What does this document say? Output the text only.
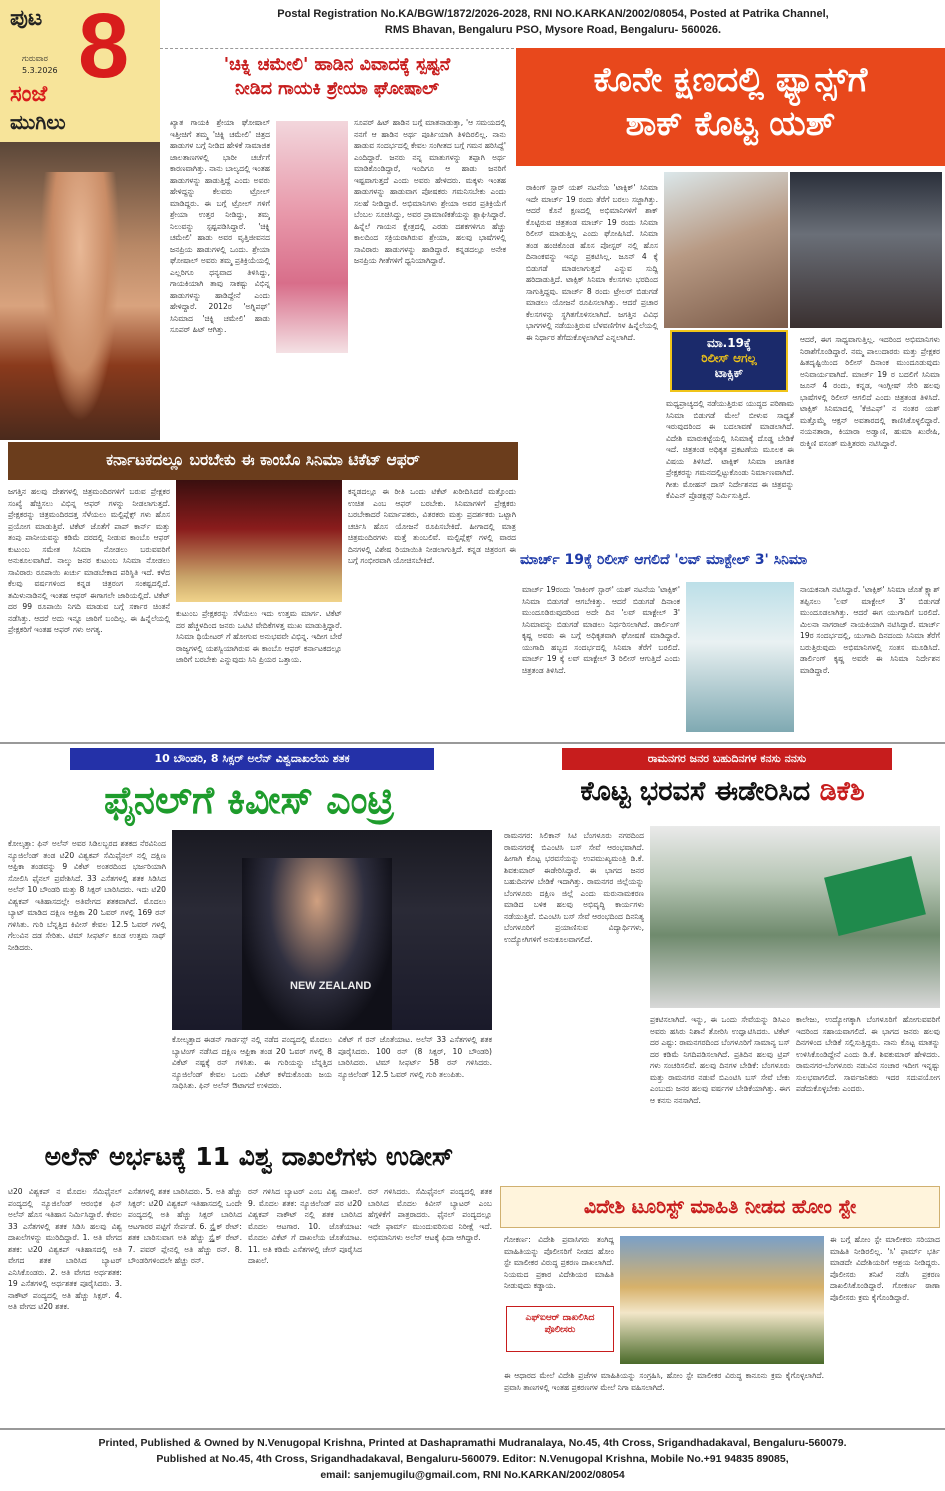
ಪುಟ
ಗುರುವಾರ
5.3.2026 8
ಸಂಜೆ
ಮುಗಿಲು
Postal Registration No.KA/BGW/1872/2026-2028, RNI NO.KARKAN/2002/08054, Posted at Patrika Channel,
RMS Bhavan, Bengaluru PSO, Mysore Road, Bengaluru- 560026.
'ಚಿಕ್ನಿ ಚಮೇಲಿ' ಹಾಡಿನ ವಿವಾದಕ್ಕೆ ಸ್ಪಷ್ಟನೆ
ನೀಡಿದ ಗಾಯಕಿ ಶ್ರೇಯಾ ಘೋಷಾಲ್
ಖ್ಯಾತ ಗಾಯಕಿ ಶ್ರೇಯಾ ಘೋಷಾಲ್ ಇತ್ತೀಚಿಗೆ ತಮ್ಮ 'ಚಿಕ್ನಿ ಚಮೇಲಿ' ಚಿತ್ರದ ಹಾಡುಗಳ ಬಗ್ಗೆ ನೀಡಿದ ಹೇಳಿಕೆ ಸಾಮಾಜಿಕ ಜಾಲತಾಣಗಳಲ್ಲಿ ಭಾರೀ ಚರ್ಚೆಗೆ ಕಾರಣವಾಗಿತ್ತು. ನಾನು ಬಾಲ್ಯದಲ್ಲಿ ಇಂತಹ ಹಾಡುಗಳನ್ನು ಹಾಡುತ್ತಿದ್ದೆ ಎಂದು ಅವರು ಹೇಳಿದ್ದನ್ನು ಕೆಲವರು ಟ್ರೋಲ್ ಮಾಡಿದ್ದರು. ಈ ಬಗ್ಗೆ ಟ್ರೋಲ್ ಗಳಿಗೆ ಶ್ರೇಯಾ ಉತ್ತರ ನೀಡಿದ್ದು, ತಮ್ಮ ನಿಲುವನ್ನು ಸ್ಪಷ್ಟಪಡಿಸಿದ್ದಾರೆ. 'ಚಿಕ್ನಿ ಚಮೇಲಿ' ಹಾಡು ಅವರ ವೃತ್ತಿಜೀವನದ ಜನಪ್ರಿಯ ಹಾಡುಗಳಲ್ಲಿ ಒಂದು. ಶ್ರೇಯಾ ಘೋಷಾಲ್ ಅವರು ತಮ್ಮ ಪ್ರತಿಕ್ರಿಯೆಯಲ್ಲಿ ಎಲ್ಲರಿಗೂ ಧನ್ಯವಾದ ತಿಳಿಸಿದ್ದು, ಗಾಯಕಿಯಾಗಿ ತಾವು ಸಾಕಷ್ಟು ವಿಭಿನ್ನ ಹಾಡುಗಳನ್ನು ಹಾಡಿದ್ದೇನೆ ಎಂದು ಹೇಳಿದ್ದಾರೆ. 2012ರ 'ಅಗ್ನಿಪಥ್' ಸಿನಿಮಾದ 'ಚಿಕ್ನಿ ಚಮೇಲಿ' ಹಾಡು ಸೂಪರ್ ಹಿಟ್ ಆಗಿತ್ತು.
ಸೂಪರ್ ಹಿಟ್ ಹಾಡಿನ ಬಗ್ಗೆ ಮಾತನಾಡುತ್ತಾ, 'ಆ ಸಮಯದಲ್ಲಿ ನನಗೆ ಆ ಹಾಡಿನ ಅರ್ಥ ಪೂರ್ತಿಯಾಗಿ ತಿಳಿದಿರಲಿಲ್ಲ. ನಾನು ಹಾಡುವ ಸಂದರ್ಭದಲ್ಲಿ ಕೇವಲ ಸಂಗೀತದ ಬಗ್ಗೆ ಗಮನ ಹರಿಸಿದ್ದೆ' ಎಂದಿದ್ದಾರೆ. ಜನರು ನನ್ನ ಮಾತುಗಳನ್ನು ತಪ್ಪಾಗಿ ಅರ್ಥ ಮಾಡಿಕೊಂಡಿದ್ದಾರೆ, ಇಂದಿಗೂ ಆ ಹಾಡು ಜನರಿಗೆ ಇಷ್ಟವಾಗುತ್ತದೆ ಎಂದು ಅವರು ಹೇಳಿದರು. ಮಕ್ಕಳು ಇಂತಹ ಹಾಡುಗಳನ್ನು ಹಾಡುವಾಗ ಪೋಷಕರು ಗಮನಿಸಬೇಕು ಎಂದು ಸಲಹೆ ನೀಡಿದ್ದಾರೆ. ಅಭಿಮಾನಿಗಳು ಶ್ರೇಯಾ ಅವರ ಪ್ರತಿಕ್ರಿಯೆಗೆ ಬೆಂಬಲ ಸೂಚಿಸಿದ್ದು, ಅವರ ಪ್ರಾಮಾಣಿಕತೆಯನ್ನು ಶ್ಲಾಘಿಸಿದ್ದಾರೆ. ಹಿನ್ನೆಲೆ ಗಾಯನ ಕ್ಷೇತ್ರದಲ್ಲಿ ಎರಡು ದಶಕಗಳಿಗೂ ಹೆಚ್ಚು ಕಾಲದಿಂದ ಸಕ್ರಿಯರಾಗಿರುವ ಶ್ರೇಯಾ, ಹಲವು ಭಾಷೆಗಳಲ್ಲಿ ಸಾವಿರಾರು ಹಾಡುಗಳನ್ನು ಹಾಡಿದ್ದಾರೆ. ಕನ್ನಡದಲ್ಲೂ ಅನೇಕ ಜನಪ್ರಿಯ ಗೀತೆಗಳಿಗೆ ಧ್ವನಿಯಾಗಿದ್ದಾರೆ.
ಕೊನೇ ಕ್ಷಣದಲ್ಲಿ ಫ್ಯಾನ್ಸ್‌ಗೆ
ಶಾಕ್ ಕೊಟ್ಟ ಯಶ್
ರಾಕಿಂಗ್ ಸ್ಟಾರ್ ಯಶ್ ನಟನೆಯ 'ಟಾಕ್ಸಿಕ್' ಸಿನಿಮಾ ಇದೇ ಮಾರ್ಚ್ 19 ರಂದು ತೆರೆಗೆ ಬರಲು ಸಜ್ಜಾಗಿತ್ತು. ಆದರೆ ಕೊನೆ ಕ್ಷಣದಲ್ಲಿ ಅಭಿಮಾನಿಗಳಿಗೆ ಶಾಕ್ ಕೊಟ್ಟಿರುವ ಚಿತ್ರತಂಡ ಮಾರ್ಚ್ 19 ರಂದು ಸಿನಿಮಾ ರಿಲೀಸ್ ಮಾಡುತ್ತಿಲ್ಲ ಎಂದು ಘೋಷಿಸಿದೆ. ಸಿನಿಮಾ ತಂಡ ಹಂಚಿಕೊಂಡ ಹೊಸ ಪೋಸ್ಟರ್ ನಲ್ಲಿ ಹೊಸ ದಿನಾಂಕವನ್ನು ಇನ್ನೂ ಪ್ರಕಟಿಸಿಲ್ಲ. ಜೂನ್ 4 ಕ್ಕೆ ಬಿಡುಗಡೆ ಮಾಡಲಾಗುತ್ತದೆ ಎನ್ನುವ ಸುದ್ದಿ ಹರಿದಾಡುತ್ತಿದೆ. ಟಾಕ್ಸಿಕ್ ಸಿನಿಮಾ ಕೆಲಸಗಳು ಭರದಿಂದ ಸಾಗುತ್ತಿದ್ದವು. ಮಾರ್ಚ್ 8 ರಂದು ಟ್ರೇಲರ್ ಬಿಡುಗಡೆ ಮಾಡಲು ಯೋಜನೆ ರೂಪಿಸಲಾಗಿತ್ತು. ಆದರೆ ಪ್ರಚಾರ ಕೆಲಸಗಳನ್ನು ಸ್ಥಗಿತಗೊಳಿಸಲಾಗಿದೆ. ಜಗತ್ತಿನ ವಿವಿಧ ಭಾಗಗಳಲ್ಲಿ ನಡೆಯುತ್ತಿರುವ ಬೆಳವಣಿಗೆಗಳ ಹಿನ್ನೆಲೆಯಲ್ಲಿ ಈ ನಿರ್ಧಾರ ತೆಗೆದುಕೊಳ್ಳಲಾಗಿದೆ ಎನ್ನಲಾಗಿದೆ.	ಮಾ.19ಕ್ಕೆ
ರಿಲೀಸ್ ಆಗಲ್ಲ
ಟಾಕ್ಸಿಕ್
ಮಧ್ಯಪ್ರಾಚ್ಯದಲ್ಲಿ ನಡೆಯುತ್ತಿರುವ ಯುದ್ಧದ ಪರಿಣಾಮ ಸಿನಿಮಾ ಬಿಡುಗಡೆ ಮೇಲೆ ಬೀಳುವ ಸಾಧ್ಯತೆ ಇರುವುದರಿಂದ ಈ ಬದಲಾವಣೆ ಮಾಡಲಾಗಿದೆ. ವಿದೇಶಿ ಮಾರುಕಟ್ಟೆಯಲ್ಲಿ ಸಿನಿಮಾಕ್ಕೆ ದೊಡ್ಡ ಬೇಡಿಕೆ ಇದೆ. ಚಿತ್ರತಂಡ ಅಧಿಕೃತ ಪ್ರಕಟಣೆಯ ಮೂಲಕ ಈ ವಿಷಯ ತಿಳಿಸಿದೆ. ಟಾಕ್ಸಿಕ್ ಸಿನಿಮಾ ಜಾಗತಿಕ ಪ್ರೇಕ್ಷಕರನ್ನು ಗಮನದಲ್ಲಿಟ್ಟುಕೊಂಡು ನಿರ್ಮಾಣವಾಗಿದೆ. ಗೀತು ಮೋಹನ್ ದಾಸ್ ನಿರ್ದೇಶನದ ಈ ಚಿತ್ರವನ್ನು ಕೆವಿಎನ್ ಪ್ರೊಡಕ್ಷನ್ಸ್ ನಿರ್ಮಿಸುತ್ತಿದೆ.
ಆದರೆ, ಈಗ ಸಾಧ್ಯವಾಗುತ್ತಿಲ್ಲ. ಇದರಿಂದ ಅಭಿಮಾನಿಗಳು ನಿರಾಶೆಗೊಂಡಿದ್ದಾರೆ. ನಮ್ಮ ಪಾಲುದಾರರು ಮತ್ತು ಪ್ರೇಕ್ಷಕರ ಹಿತದೃಷ್ಟಿಯಿಂದ ರಿಲೀಸ್ ದಿನಾಂಕ ಮುಂದೂಡುವುದು ಅನಿವಾರ್ಯವಾಗಿದೆ. ಮಾರ್ಚ್ 19 ರ ಬದಲಿಗೆ ಸಿನಿಮಾ ಜೂನ್ 4 ರಂದು, ಕನ್ನಡ, ಇಂಗ್ಲೀಷ್ ಸೇರಿ ಹಲವು ಭಾಷೆಗಳಲ್ಲಿ ರಿಲೀಸ್ ಆಗಲಿದೆ ಎಂದು ಚಿತ್ರತಂಡ ತಿಳಿಸಿದೆ. ಟಾಕ್ಸಿಕ್ ಸಿನಿಮಾದಲ್ಲಿ 'ಕೆಜಿಎಫ್' ನ ನಂತರ ಯಶ್ ಮತ್ತೊಮ್ಮೆ ಆಕ್ಷನ್ ಅವತಾರದಲ್ಲಿ ಕಾಣಿಸಿಕೊಳ್ಳಲಿದ್ದಾರೆ. ನಯನತಾರಾ, ಕಿಯಾರಾ ಅಡ್ವಾಣಿ, ಹುಮಾ ಖುರೇಷಿ, ರುಕ್ಮಿಣಿ ವಸಂತ್ ಮತ್ತಿತರರು ನಟಿಸಿದ್ದಾರೆ.
ಕರ್ನಾಟಕದಲ್ಲೂ ಬರಬೇಕು ಈ ಕಾಂಬೊ ಸಿನಿಮಾ ಟಿಕೆಟ್ ಆಫರ್
ಜಗತ್ತಿನ ಹಲವು ದೇಶಗಳಲ್ಲಿ ಚಿತ್ರಮಂದಿರಗಳಿಗೆ ಬರುವ ಪ್ರೇಕ್ಷಕರ ಸಂಖ್ಯೆ ಹೆಚ್ಚಿಸಲು ವಿಭಿನ್ನ ಆಫರ್ ಗಳನ್ನು ನೀಡಲಾಗುತ್ತದೆ. ಪ್ರೇಕ್ಷಕರನ್ನು ಚಿತ್ರಮಂದಿರದತ್ತ ಸೆಳೆಯಲು ಮಲ್ಟಿಪ್ಲೆಕ್ಸ್ ಗಳು ಹೊಸ ಪ್ರಯೋಗ ಮಾಡುತ್ತಿವೆ. ಟಿಕೆಟ್ ಜೊತೆಗೆ ಪಾಪ್ ಕಾರ್ನ್ ಮತ್ತು ತಂಪು ಪಾನೀಯವನ್ನು ಕಡಿಮೆ ದರದಲ್ಲಿ ನೀಡುವ ಕಾಂಬೊ ಆಫರ್ ಕುಟುಂಬ ಸಮೇತ ಸಿನಿಮಾ ನೋಡಲು ಬರುವವರಿಗೆ ಅನುಕೂಲವಾಗಿದೆ. ನಾಲ್ಕು ಜನರ ಕುಟುಂಬ ಸಿನಿಮಾ ನೋಡಲು ಸಾವಿರಾರು ರೂಪಾಯಿ ಖರ್ಚು ಮಾಡಬೇಕಾದ ಪರಿಸ್ಥಿತಿ ಇದೆ. ಕಳೆದ ಕೆಲವು ವರ್ಷಗಳಿಂದ ಕನ್ನಡ ಚಿತ್ರರಂಗ ಸಂಕಷ್ಟದಲ್ಲಿದೆ. ತಮಿಳುನಾಡಿನಲ್ಲಿ ಇಂತಹ ಆಫರ್ ಈಗಾಗಲೇ ಜಾರಿಯಲ್ಲಿದೆ. ಟಿಕೆಟ್ ದರ 99 ರೂಪಾಯಿ ನಿಗದಿ ಮಾಡುವ ಬಗ್ಗೆ ಸರ್ಕಾರ ಚಿಂತನೆ ನಡೆಸಿತ್ತು. ಆದರೆ ಅದು ಇನ್ನೂ ಜಾರಿಗೆ ಬಂದಿಲ್ಲ. ಈ ಹಿನ್ನೆಲೆಯಲ್ಲಿ ಪ್ರೇಕ್ಷಕರಿಗೆ ಇಂತಹ ಆಫರ್ ಗಳು ಅಗತ್ಯ.
ಕುಟುಂಬ ಪ್ರೇಕ್ಷಕರನ್ನು ಸೆಳೆಯಲು ಇದು ಉತ್ತಮ ಮಾರ್ಗ. ಟಿಕೆಟ್ ದರ ಹೆಚ್ಚಳದಿಂದ ಜನರು ಒಟಿಟಿ ವೇದಿಕೆಗಳತ್ತ ಮುಖ ಮಾಡುತ್ತಿದ್ದಾರೆ. ಸಿನಿಮಾ ಥಿಯೇಟರ್ ಗೆ ಹೋಗುವ ಅನುಭವವೇ ವಿಭಿನ್ನ. ಇದೀಗ ಬೇರೆ ರಾಜ್ಯಗಳಲ್ಲಿ ಯಶಸ್ವಿಯಾಗಿರುವ ಈ ಕಾಂಬೊ ಆಫರ್ ಕರ್ನಾಟಕದಲ್ಲೂ ಜಾರಿಗೆ ಬರಬೇಕು ಎನ್ನುವುದು ಸಿನಿ ಪ್ರಿಯರ ಒತ್ತಾಯ.
ಕನ್ನಡದಲ್ಲೂ ಈ ರೀತಿ ಒಂದು ಟಿಕೆಟ್ ಖರೀದಿಸಿದರೆ ಮತ್ತೊಂದು ಉಚಿತ ಎಂಬ ಆಫರ್ ಬರಬೇಕು. ಸಿನಿಮಾಗಳಿಗೆ ಪ್ರೇಕ್ಷಕರು ಬರಬೇಕಾದರೆ ನಿರ್ಮಾಪಕರು, ವಿತರಕರು ಮತ್ತು ಪ್ರದರ್ಶಕರು ಒಟ್ಟಾಗಿ ಚರ್ಚಿಸಿ ಹೊಸ ಯೋಜನೆ ರೂಪಿಸಬೇಕಿದೆ. ಹೀಗಾದಲ್ಲಿ ಮಾತ್ರ ಚಿತ್ರಮಂದಿರಗಳು ಮತ್ತೆ ತುಂಬಲಿವೆ. ಮಲ್ಟಿಪ್ಲೆಕ್ಸ್ ಗಳಲ್ಲಿ ವಾರದ ದಿನಗಳಲ್ಲಿ ವಿಶೇಷ ರಿಯಾಯಿತಿ ನೀಡಲಾಗುತ್ತಿದೆ. ಕನ್ನಡ ಚಿತ್ರರಂಗ ಈ ಬಗ್ಗೆ ಗಂಭೀರವಾಗಿ ಯೋಚಿಸಬೇಕಿದೆ.	ಮಾರ್ಚ್ 19ಕ್ಕೆ ರಿಲೀಸ್ ಆಗಲಿದೆ 'ಲವ್ ಮಾಕ್ಟೇಲ್ 3' ಸಿನಿಮಾ
ಮಾರ್ಚ್ 19ರಂದು 'ರಾಕಿಂಗ್ ಸ್ಟಾರ್' ಯಶ್ ನಟನೆಯ 'ಟಾಕ್ಸಿಕ್' ಸಿನಿಮಾ ಬಿಡುಗಡೆ ಆಗಬೇಕಿತ್ತು. ಆದರೆ ಬಿಡುಗಡೆ ದಿನಾಂಕ ಮುಂದೂಡಿರುವುದರಿಂದ ಅದೇ ದಿನ 'ಲವ್ ಮಾಕ್ಟೇಲ್ 3' ಸಿನಿಮಾವನ್ನು ಬಿಡುಗಡೆ ಮಾಡಲು ನಿರ್ಧರಿಸಲಾಗಿದೆ. ಡಾರ್ಲಿಂಗ್ ಕೃಷ್ಣ ಅವರು ಈ ಬಗ್ಗೆ ಅಧಿಕೃತವಾಗಿ ಘೋಷಣೆ ಮಾಡಿದ್ದಾರೆ. ಯುಗಾದಿ ಹಬ್ಬದ ಸಂದರ್ಭದಲ್ಲಿ ಸಿನಿಮಾ ತೆರೆಗೆ ಬರಲಿದೆ. ಮಾರ್ಚ್ 19 ಕ್ಕೆ ಲವ್ ಮಾಕ್ಟೇಲ್ 3 ರಿಲೀಸ್ ಆಗುತ್ತಿದೆ ಎಂದು ಚಿತ್ರತಂಡ ತಿಳಿಸಿದೆ.
ನಾಯಕನಾಗಿ ನಟಿಸಿದ್ದಾರೆ. 'ಟಾಕ್ಸಿಕ್' ಸಿನಿಮಾ ಜೊತೆ ಕ್ಲ್ಯಾಶ್ ತಪ್ಪಿಸಲು 'ಲವ್ ಮಾಕ್ಟೇಲ್ 3' ಬಿಡುಗಡೆ ಮುಂದೂಡಲಾಗಿತ್ತು. ಆದರೆ ಈಗ ಯುಗಾದಿಗೆ ಬರಲಿದೆ. ಮಿಲನಾ ನಾಗರಾಜ್ ನಾಯಕಿಯಾಗಿ ನಟಿಸಿದ್ದಾರೆ. ಮಾರ್ಚ್ 19ರ ಸಂದರ್ಭದಲ್ಲಿ, ಯುಗಾದಿ ದಿನದಂದು ಸಿನಿಮಾ ತೆರೆಗೆ ಬರುತ್ತಿರುವುದು ಅಭಿಮಾನಿಗಳಲ್ಲಿ ಸಂತಸ ಮೂಡಿಸಿದೆ. ಡಾರ್ಲಿಂಗ್ ಕೃಷ್ಣ ಅವರೇ ಈ ಸಿನಿಮಾ ನಿರ್ದೇಶನ ಮಾಡಿದ್ದಾರೆ.
10 ಬೌಂಡರಿ, 8 ಸಿಕ್ಸರ್ ಅಲೆನ್ ವಿಶ್ವದಾಖಲೆಯ ಶತಕ
ಫೈನಲ್‌ಗೆ ಕಿವೀಸ್ ಎಂಟ್ರಿ
ಕೋಲ್ಕತ್ತಾ: ಫಿನ್ ಅಲೆನ್ ಅವರ ಸಿಡಿಲಬ್ಬರದ ಶತಕದ ನೆರವಿನಿಂದ ನ್ಯೂಜಿಲೆಂಡ್ ತಂಡ ಟಿ20 ವಿಶ್ವಕಪ್ ಸೆಮಿಫೈನಲ್ ನಲ್ಲಿ ದಕ್ಷಿಣ ಆಫ್ರಿಕಾ ತಂಡವನ್ನು 9 ವಿಕೆಟ್ ಅಂತರದಿಂದ ಭರ್ಜರಿಯಾಗಿ ಸೋಲಿಸಿ ಫೈನಲ್ ಪ್ರವೇಶಿಸಿದೆ. 33 ಎಸೆತಗಳಲ್ಲಿ ಶತಕ ಸಿಡಿಸಿದ ಅಲೆನ್ 10 ಬೌಂಡರಿ ಮತ್ತು 8 ಸಿಕ್ಸರ್ ಬಾರಿಸಿದರು. ಇದು ಟಿ20 ವಿಶ್ವಕಪ್ ಇತಿಹಾಸದಲ್ಲೇ ಅತಿವೇಗದ ಶತಕವಾಗಿದೆ. ಮೊದಲು ಬ್ಯಾಟ್ ಮಾಡಿದ ದಕ್ಷಿಣ ಆಫ್ರಿಕಾ 20 ಓವರ್ ಗಳಲ್ಲಿ 169 ರನ್ ಗಳಿಸಿತು. ಗುರಿ ಬೆನ್ನತ್ತಿದ ಕಿವೀಸ್ ಕೇವಲ 12.5 ಓವರ್ ಗಳಲ್ಲಿ ಗೆಲುವಿನ ದಡ ಸೇರಿತು. ಟಿಮ್ ಸೀಫರ್ಟ್ ಕೂಡ ಉತ್ತಮ ಸಾಥ್ ನೀಡಿದರು.
NEW ZEALAND
ಕೋಲ್ಕತ್ತಾದ ಈಡನ್ ಗಾರ್ಡನ್ಸ್ ನಲ್ಲಿ ನಡೆದ ಪಂದ್ಯದಲ್ಲಿ ಮೊದಲು ಬ್ಯಾಟಿಂಗ್ ನಡೆಸಿದ ದಕ್ಷಿಣ ಆಫ್ರಿಕಾ ತಂಡ 20 ಓವರ್ ಗಳಲ್ಲಿ 8 ವಿಕೆಟ್ ನಷ್ಟಕ್ಕೆ ರನ್ ಗಳಿಸಿತು. ಈ ಗುರಿಯನ್ನು ಬೆನ್ನತ್ತಿದ ನ್ಯೂಜಿಲೆಂಡ್ ಕೇವಲ ಒಂದು ವಿಕೆಟ್ ಕಳೆದುಕೊಂಡು ಜಯ ಸಾಧಿಸಿತು. ಫಿನ್ ಅಲೆನ್ ಔಟಾಗದೆ ಉಳಿದರು.
ವಿಕೆಟ್ ಗೆ ರನ್ ಜೊತೆಯಾಟ. ಅಲೆನ್ 33 ಎಸೆತಗಳಲ್ಲಿ ಶತಕ ಪೂರೈಸಿದರು. 100 ರನ್ (8 ಸಿಕ್ಸರ್, 10 ಬೌಂಡರಿ) ಬಾರಿಸಿದರು. ಟಿಮ್ ಸೀಫರ್ಟ್ 58 ರನ್ ಗಳಿಸಿದರು. ನ್ಯೂಜಿಲೆಂಡ್ 12.5 ಓವರ್ ಗಳಲ್ಲಿ ಗುರಿ ತಲುಪಿತು.
ಅಲೆನ್ ಅರ್ಭಟಕ್ಕೆ 11 ವಿಶ್ವ ದಾಖಲೆಗಳು ಉಡೀಸ್
ಟಿ20 ವಿಶ್ವಕಪ್ ನ ಮೊದಲ ಸೆಮಿಫೈನಲ್ ಪಂದ್ಯದಲ್ಲಿ ನ್ಯೂಜಿಲೆಂಡ್ ಆರಂಭಿಕ ಫಿನ್ ಅಲೆನ್ ಹೊಸ ಇತಿಹಾಸ ನಿರ್ಮಿಸಿದ್ದಾರೆ. ಕೇವಲ 33 ಎಸೆತಗಳಲ್ಲಿ ಶತಕ ಸಿಡಿಸಿ ಹಲವು ವಿಶ್ವ ದಾಖಲೆಗಳನ್ನು ಮುರಿದಿದ್ದಾರೆ. 1. ಅತಿ ವೇಗದ ಶತಕ: ಟಿ20 ವಿಶ್ವಕಪ್ ಇತಿಹಾಸದಲ್ಲಿ ಅತಿ ವೇಗದ ಶತಕ ಬಾರಿಸಿದ ಬ್ಯಾಟರ್ ಎನಿಸಿಕೊಂಡರು. 2. ಅತಿ ವೇಗದ ಅರ್ಧಶತಕ: 19 ಎಸೆತಗಳಲ್ಲಿ ಅರ್ಧಶತಕ ಪೂರೈಸಿದರು. 3. ನಾಕೌಟ್ ಪಂದ್ಯದಲ್ಲಿ ಅತಿ ಹೆಚ್ಚು ಸಿಕ್ಸರ್. 4. ಅತಿ ವೇಗದ ಟಿ20 ಶತಕ.
ಎಸೆತಗಳಲ್ಲಿ ಶತಕ ಬಾರಿಸಿದರು. 5. ಅತಿ ಹೆಚ್ಚು ಸಿಕ್ಸರ್: ಟಿ20 ವಿಶ್ವಕಪ್ ಇತಿಹಾಸದಲ್ಲಿ ಒಂದೇ ಪಂದ್ಯದಲ್ಲಿ ಅತಿ ಹೆಚ್ಚು ಸಿಕ್ಸರ್ ಬಾರಿಸಿದ ಆಟಗಾರರ ಪಟ್ಟಿಗೆ ಸೇರ್ಪಡೆ. 6. ಸ್ಟ್ರೈಕ್ ರೇಟ್: ಶತಕ ಬಾರಿಸುವಾಗ ಅತಿ ಹೆಚ್ಚು ಸ್ಟ್ರೈಕ್ ರೇಟ್. 7. ಪವರ್ ಪ್ಲೇನಲ್ಲಿ ಅತಿ ಹೆಚ್ಚು ರನ್. 8. ಬೌಂಡರಿಗಳಿಂದಲೇ ಹೆಚ್ಚು ರನ್.
ರನ್ ಗಳಿಸಿದ ಬ್ಯಾಟರ್ ಎಂಬ ವಿಶ್ವ ದಾಖಲೆ. 9. ಮೊದಲ ಶತಕ: ನ್ಯೂಜಿಲೆಂಡ್ ಪರ ಟಿ20 ವಿಶ್ವಕಪ್ ನಾಕೌಟ್ ನಲ್ಲಿ ಶತಕ ಬಾರಿಸಿದ ಮೊದಲ ಆಟಗಾರ. 10. ಜೊತೆಯಾಟ: ಮೊದಲ ವಿಕೆಟ್ ಗೆ ದಾಖಲೆಯ ಜೊತೆಯಾಟ. 11. ಅತಿ ಕಡಿಮೆ ಎಸೆತಗಳಲ್ಲಿ ಚೇಸ್ ಪೂರೈಸಿದ ದಾಖಲೆ.
ರನ್ ಗಳಿಸಿದರು. ಸೆಮಿಫೈನಲ್ ಪಂದ್ಯದಲ್ಲಿ ಶತಕ ಬಾರಿಸಿದ ಮೊದಲ ಕಿವೀಸ್ ಬ್ಯಾಟರ್ ಎಂಬ ಹೆಗ್ಗಳಿಕೆಗೆ ಪಾತ್ರರಾದರು. ಫೈನಲ್ ಪಂದ್ಯದಲ್ಲೂ ಇದೇ ಫಾರ್ಮ್ ಮುಂದುವರಿಸುವ ನಿರೀಕ್ಷೆ ಇದೆ. ಅಭಿಮಾನಿಗಳು ಅಲೆನ್ ಆಟಕ್ಕೆ ಫಿದಾ ಆಗಿದ್ದಾರೆ.
ರಾಮನಗರ ಜನರ ಬಹುದಿನಗಳ ಕನಸು ನನಸು
ಕೊಟ್ಟ ಭರವಸೆ ಈಡೇರಿಸಿದ ಡಿಕೆಶಿ
ರಾಮನಗರ: ಸಿಲಿಕಾನ್ ಸಿಟಿ ಬೆಂಗಳೂರು ನಗರದಿಂದ ರಾಮನಗರಕ್ಕೆ ಬಿಎಂಟಿಸಿ ಬಸ್ ಸೇವೆ ಆರಂಭವಾಗಿದೆ. ಹೀಗಾಗಿ ಕೊಟ್ಟ ಭರವಸೆಯನ್ನು ಉಪಮುಖ್ಯಮಂತ್ರಿ ಡಿ.ಕೆ. ಶಿವಕುಮಾರ್ ಈಡೇರಿಸಿದ್ದಾರೆ. ಈ ಭಾಗದ ಜನರ ಬಹುದಿನಗಳ ಬೇಡಿಕೆ ಇದಾಗಿತ್ತು. ರಾಮನಗರ ಜಿಲ್ಲೆಯನ್ನು ಬೆಂಗಳೂರು ದಕ್ಷಿಣ ಜಿಲ್ಲೆ ಎಂದು ಮರುನಾಮಕರಣ ಮಾಡಿದ ಬಳಿಕ ಹಲವು ಅಭಿವೃದ್ಧಿ ಕಾರ್ಯಗಳು ನಡೆಯುತ್ತಿವೆ. ಬಿಎಂಟಿಸಿ ಬಸ್ ಸೇವೆ ಆರಂಭದಿಂದ ದಿನನಿತ್ಯ ಬೆಂಗಳೂರಿಗೆ ಪ್ರಯಾಣಿಸುವ ವಿದ್ಯಾರ್ಥಿಗಳು, ಉದ್ಯೋಗಿಗಳಿಗೆ ಅನುಕೂಲವಾಗಲಿದೆ.
ಪ್ರಕಟಿಸಲಾಗಿದೆ. ಇನ್ನು, ಈ ಒಂದು ಸೇವೆಯನ್ನು ಡಿಸಿಎಂ ಅವರು ಹಸಿರು ನಿಶಾನೆ ತೋರಿಸಿ ಉದ್ಘಾಟಿಸಿದರು. ಟಿಕೆಟ್ ದರ ಎಷ್ಟು: ರಾಮನಗರದಿಂದ ಬೆಂಗಳೂರಿಗೆ ಸಾಮಾನ್ಯ ಬಸ್ ದರ ಕಡಿಮೆ ನಿಗದಿಪಡಿಸಲಾಗಿದೆ. ಪ್ರತಿದಿನ ಹಲವು ಟ್ರಿಪ್ ಗಳು ಸಂಚರಿಸಲಿವೆ. ಹಲವು ದಿನಗಳ ಬೇಡಿಕೆ: ಬೆಂಗಳೂರು ಮತ್ತು ರಾಮನಗರ ನಡುವೆ ಬಿಎಂಟಿಸಿ ಬಸ್ ಸೇವೆ ಬೇಕು ಎಂಬುದು ಜನರ ಹಲವು ವರ್ಷಗಳ ಬೇಡಿಕೆಯಾಗಿತ್ತು. ಈಗ ಆ ಕನಸು ನನಸಾಗಿದೆ.
ಕಾಲೇಜು, ಉದ್ಯೋಗಕ್ಕಾಗಿ ಬೆಂಗಳೂರಿಗೆ ಹೋಗುವವರಿಗೆ ಇದರಿಂದ ಸಹಾಯವಾಗಲಿದೆ. ಈ ಭಾಗದ ಜನರು ಹಲವು ದಿನಗಳಿಂದ ಬೇಡಿಕೆ ಸಲ್ಲಿಸುತ್ತಿದ್ದರು. ನಾನು ಕೊಟ್ಟ ಮಾತನ್ನು ಉಳಿಸಿಕೊಂಡಿದ್ದೇನೆ ಎಂದು ಡಿ.ಕೆ. ಶಿವಕುಮಾರ್ ಹೇಳಿದರು. ರಾಮನಗರ-ಬೆಂಗಳೂರು ನಡುವಿನ ಸಂಚಾರ ಇದೀಗ ಇನ್ನಷ್ಟು ಸುಲಭವಾಗಲಿದೆ. ಸಾರ್ವಜನಿಕರು ಇದರ ಸದುಪಯೋಗ ಪಡೆದುಕೊಳ್ಳಬೇಕು ಎಂದರು.
ವಿದೇಶಿ ಟೂರಿಸ್ಟ್ ಮಾಹಿತಿ ನೀಡದ ಹೋಂ ಸ್ಟೇ
ಗೋಕರ್ಣ: ವಿದೇಶಿ ಪ್ರವಾಸಿಗರು ತಂಗಿದ್ದ ಮಾಹಿತಿಯನ್ನು ಪೊಲೀಸರಿಗೆ ನೀಡದ ಹೋಂ ಸ್ಟೇ ಮಾಲೀಕರ ವಿರುದ್ಧ ಪ್ರಕರಣ ದಾಖಲಾಗಿದೆ. ನಿಯಮದ ಪ್ರಕಾರ ವಿದೇಶಿಯರ ಮಾಹಿತಿ ನೀಡುವುದು ಕಡ್ಡಾಯ.
ಎಫ್ಐಆರ್ ದಾಖಲಿಸಿದ ಪೊಲೀಸರು
ಈ ಬಗ್ಗೆ ಹೋಂ ಸ್ಟೇ ಮಾಲೀಕರು ಸರಿಯಾದ ಮಾಹಿತಿ ನೀಡಿರಲಿಲ್ಲ. 'ಸಿ' ಫಾರ್ಮ್ ಭರ್ತಿ ಮಾಡದೇ ವಿದೇಶಿಯರಿಗೆ ಆಶ್ರಯ ನೀಡಿದ್ದರು. ಪೊಲೀಸರು ತನಿಖೆ ನಡೆಸಿ ಪ್ರಕರಣ ದಾಖಲಿಸಿಕೊಂಡಿದ್ದಾರೆ. ಗೋಕರ್ಣ ಠಾಣಾ ಪೊಲೀಸರು ಕ್ರಮ ಕೈಗೊಂಡಿದ್ದಾರೆ.
ಈ ಆಧಾರದ ಮೇಲೆ ವಿದೇಶಿ ಪ್ರಜೆಗಳ ಮಾಹಿತಿಯನ್ನು ಸಂಗ್ರಹಿಸಿ, ಹೋಂ ಸ್ಟೇ ಮಾಲೀಕರ ವಿರುದ್ಧ ಕಾನೂನು ಕ್ರಮ ಕೈಗೊಳ್ಳಲಾಗಿದೆ. ಪ್ರವಾಸಿ ತಾಣಗಳಲ್ಲಿ ಇಂತಹ ಪ್ರಕರಣಗಳ ಮೇಲೆ ನಿಗಾ ವಹಿಸಲಾಗಿದೆ.
Printed, Published & Owned by N.Venugopal Krishna, Printed at Dashapramathi Mudranalaya, No.45, 4th Cross, Srigandhadakaval, Bengaluru-560079.
Published at No.45, 4th Cross, Srigandhadakaval, Bengaluru-560079. Editor: N.Venugopal Krishna, Mobile No.+91 94835 89085,
email: sanjemugilu@gmail.com, RNI No.KARKAN/2002/08054
